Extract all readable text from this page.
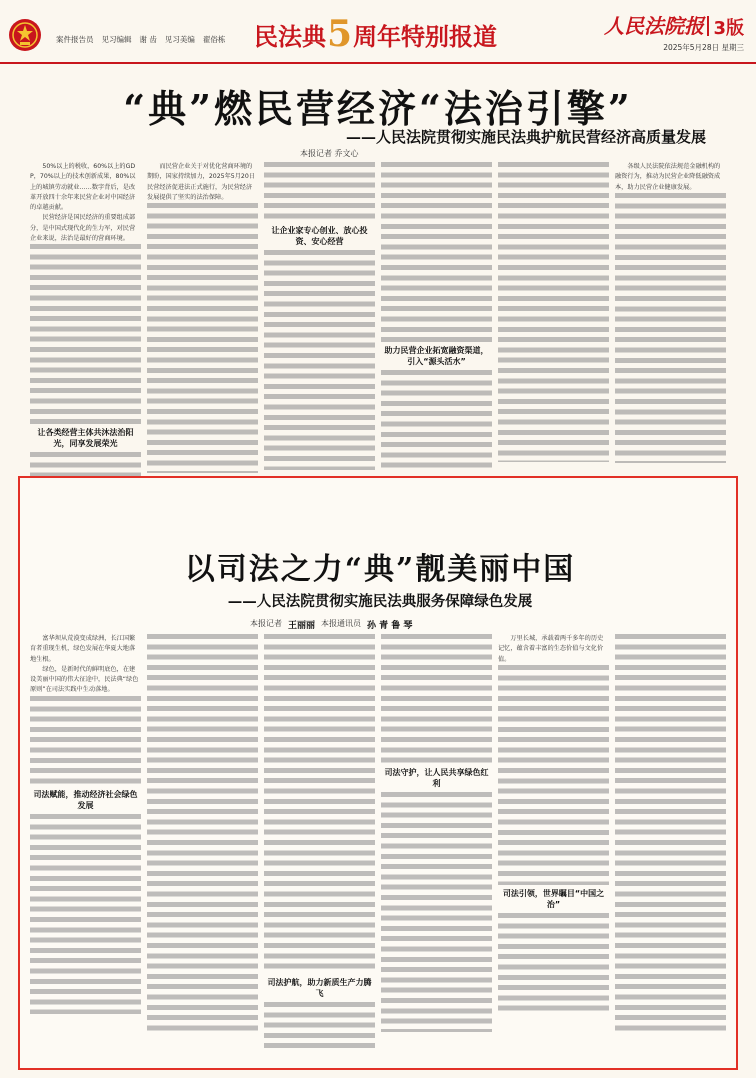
案件报告员 见习编辑 谢 齿 见习美编 翟俗栋 民法典 5 周年特别报道	人民法院报 3版
2025年5月28日 星期三
“典”燃民营经济“法治引擎”
——人民法院贯彻实施民法典护航民营经济高质量发展
本报记者 乔文心

50%以上的税收，60%以上的GDP，70%以上的技术创新成果，80%以上的城镇劳动就业……数字背后，是改革开放四十余年来民营企业对中国经济的卓越贡献。

民营经济是国民经济的重要组成部分，是中国式现代化的生力军，对民营企业来说，法治是最好的营商环境。

让各类经营主体共沐法治阳光，同享发展荣光

而民营企业关于对优化营商环境的期盼，国家持续加力，2025年5月20日民营经济促进法正式施行，为民营经济发展提供了坚实的法治保障。

让企业家专心创业、放心投资、安心经营
助力民营企业拓宽融资渠道，引入“源头活水”

各级人民法院依法规范金融机构的融资行为，推动为民营企业降低融资成本，助力民营企业健康发展。

以司法之力“典”靓美丽中国
——人民法院贯彻实施民法典服务保障绿色发展
本报记者 王丽丽 本报通讯员 孙 青 鲁 琴

富华坝从荒漠变成绿洲，长江国繁育者重现生机，绿色发展在华夏大地落地生根。

绿色，是新时代的鲜明底色，在建设美丽中国的伟大征途中，民法典“绿色原则”在司法实践中生动落地。

司法赋能，推动经济社会绿色发展
司法护航，助力新质生产力腾飞
司法守护，让人民共享绿色红利

万里长城，承载着两千多年的历史记忆，蕴含着丰富的生态价值与文化价值。

司法引领，世界瞩目“中国之治”
